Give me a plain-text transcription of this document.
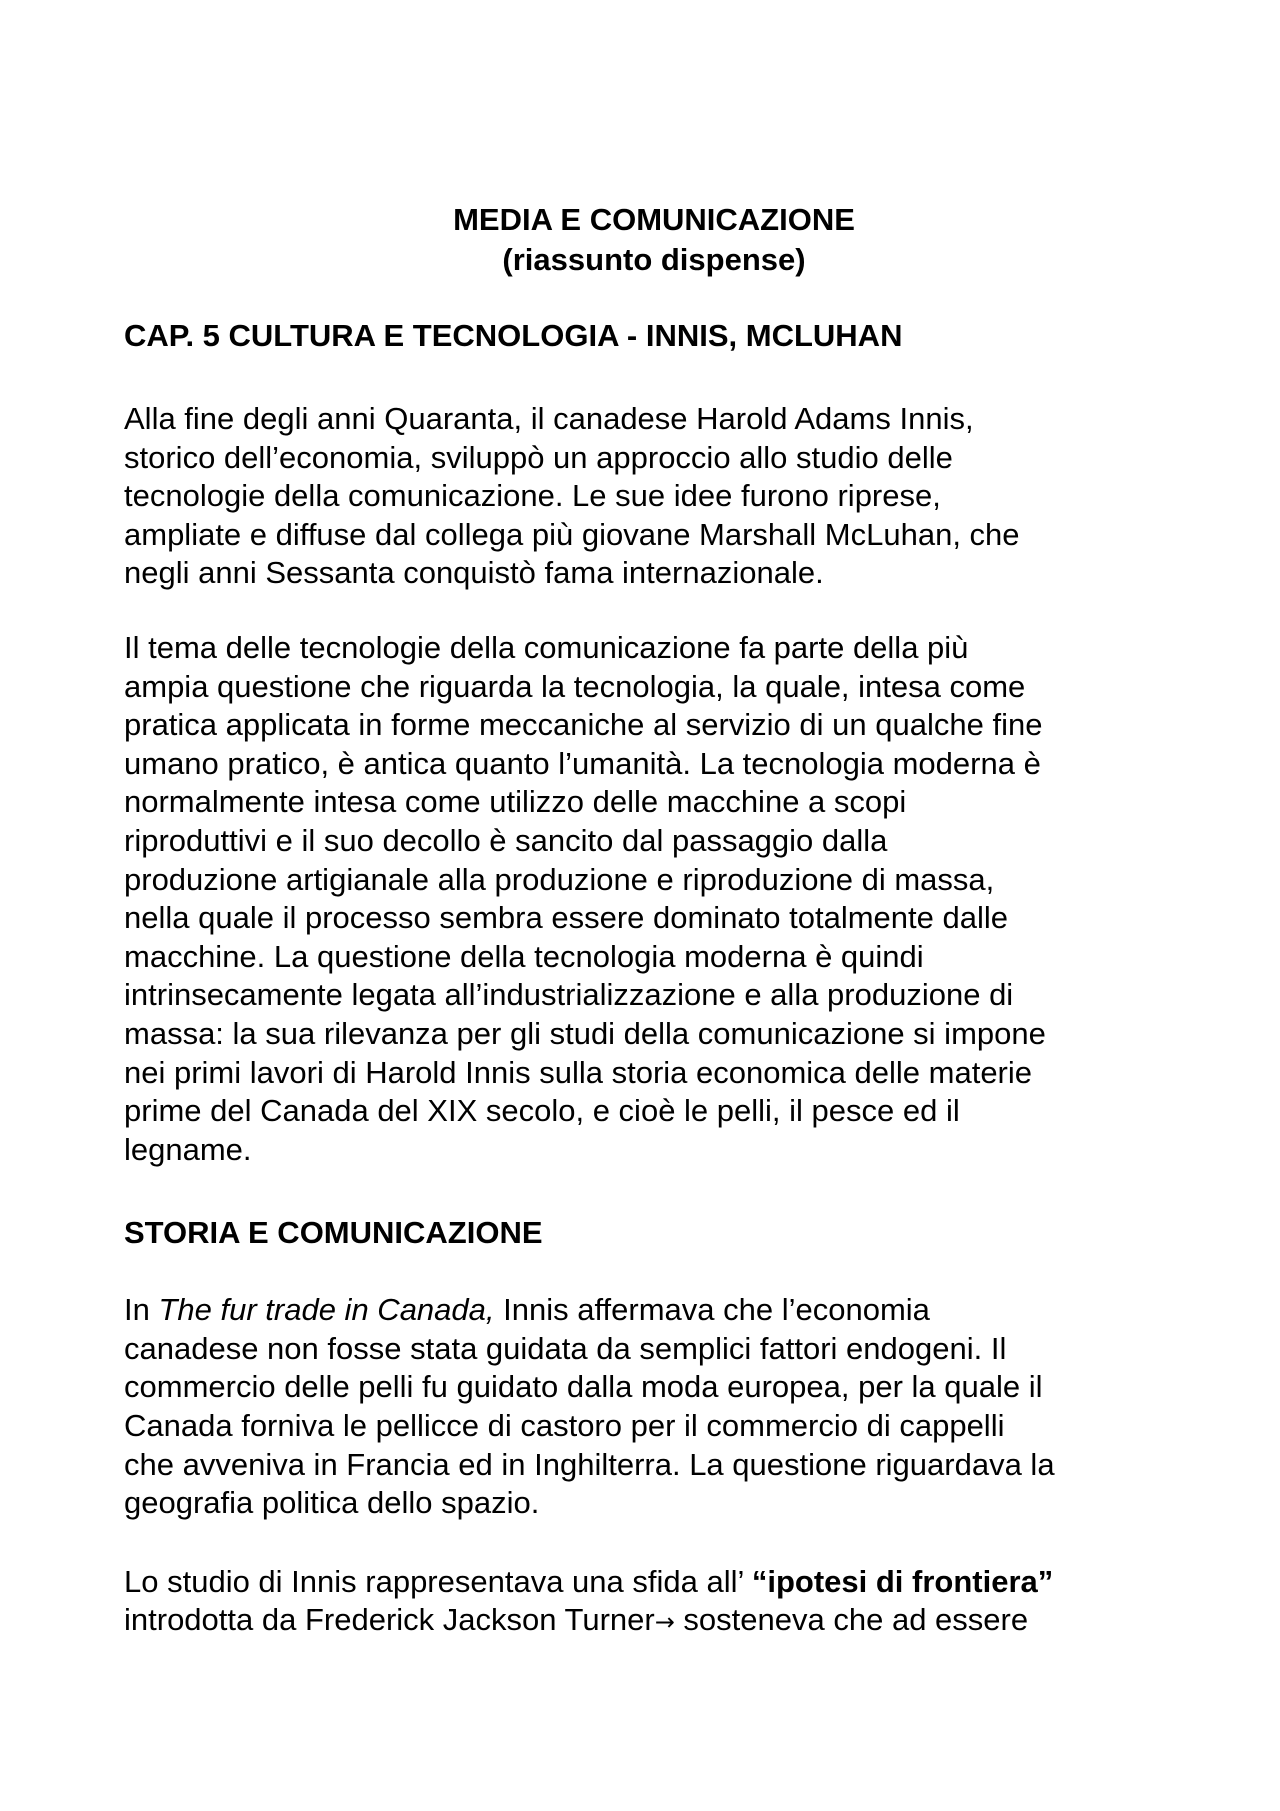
MEDIA E COMUNICAZIONE

(riassunto dispense)

CAP. 5 CULTURA E TECNOLOGIA - INNIS, MCLUHAN

Alla fine degli anni Quaranta, il canadese Harold Adams Innis,
storico dell’economia, sviluppò un approccio allo studio delle
tecnologie della comunicazione. Le sue idee furono riprese,
ampliate e diffuse dal collega più giovane Marshall McLuhan, che
negli anni Sessanta conquistò fama internazionale.

Il tema delle tecnologie della comunicazione fa parte della più
ampia questione che riguarda la tecnologia, la quale, intesa come
pratica applicata in forme meccaniche al servizio di un qualche fine
umano pratico, è antica quanto l’umanità. La tecnologia moderna è
normalmente intesa come utilizzo delle macchine a scopi
riproduttivi e il suo decollo è sancito dal passaggio dalla
produzione artigianale alla produzione e riproduzione di massa,
nella quale il processo sembra essere dominato totalmente dalle
macchine. La questione della tecnologia moderna è quindi
intrinsecamente legata all’industrializzazione e alla produzione di
massa: la sua rilevanza per gli studi della comunicazione si impone
nei primi lavori di Harold Innis sulla storia economica delle materie
prime del Canada del XIX secolo, e cioè le pelli, il pesce ed il
legname.

STORIA E COMUNICAZIONE

In The fur trade in Canada, Innis affermava che l’economia
canadese non fosse stata guidata da semplici fattori endogeni. Il
commercio delle pelli fu guidato dalla moda europea, per la quale il
Canada forniva le pellicce di castoro per il commercio di cappelli
che avveniva in Francia ed in Inghilterra. La questione riguardava la
geografia politica dello spazio.

Lo studio di Innis rappresentava una sfida all’ “ipotesi di frontiera”
introdotta da Frederick Jackson Turner→ sosteneva che ad essere
